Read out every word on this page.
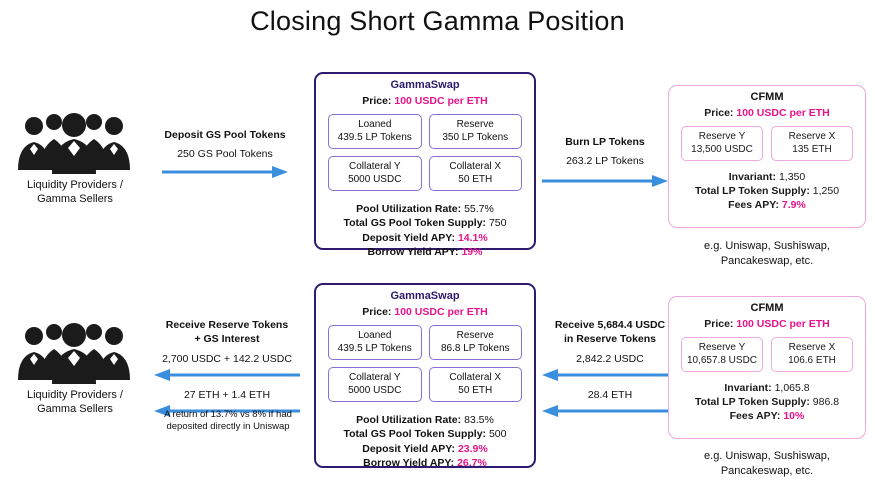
Closing Short Gamma Position
Liquidity Providers /
Gamma Sellers
Deposit GS Pool Tokens
250 GS Pool Tokens
GammaSwap
Price: 100 USDC per ETH
Loaned
439.5 LP Tokens
Reserve
350 LP Tokens
Collateral Y
5000 USDC
Collateral X
50 ETH
Pool Utilization Rate: 55.7%
Total GS Pool Token Supply: 750
Deposit Yield APY: 14.1%
Borrow Yield APY: 19%
Burn LP Tokens
263.2 LP Tokens
CFMM
Price: 100 USDC per ETH
Reserve Y
13,500 USDC
Reserve X
135 ETH
Invariant: 1,350
Total LP Token Supply: 1,250
Fees APY: 7.9%
e.g. Uniswap, Sushiswap,
Pancakeswap, etc.
Liquidity Providers /
Gamma Sellers
Receive Reserve Tokens
+ GS Interest
2,700 USDC + 142.2 USDC
27 ETH + 1.4 ETH
A return of 13.7% vs 8% if had
deposited directly in Uniswap
GammaSwap
Price: 100 USDC per ETH
Loaned
439.5 LP Tokens
Reserve
86.8 LP Tokens
Collateral Y
5000 USDC
Collateral X
50 ETH
Pool Utilization Rate: 83.5%
Total GS Pool Token Supply: 500
Deposit Yield APY: 23.9%
Borrow Yield APY: 26.7%
Receive 5,684.4 USDC
in Reserve Tokens
2,842.2 USDC
28.4 ETH
CFMM
Price: 100 USDC per ETH
Reserve Y
10,657.8 USDC
Reserve X
106.6 ETH
Invariant: 1,065.8
Total LP Token Supply: 986.8
Fees APY: 10%
e.g. Uniswap, Sushiswap,
Pancakeswap, etc.
